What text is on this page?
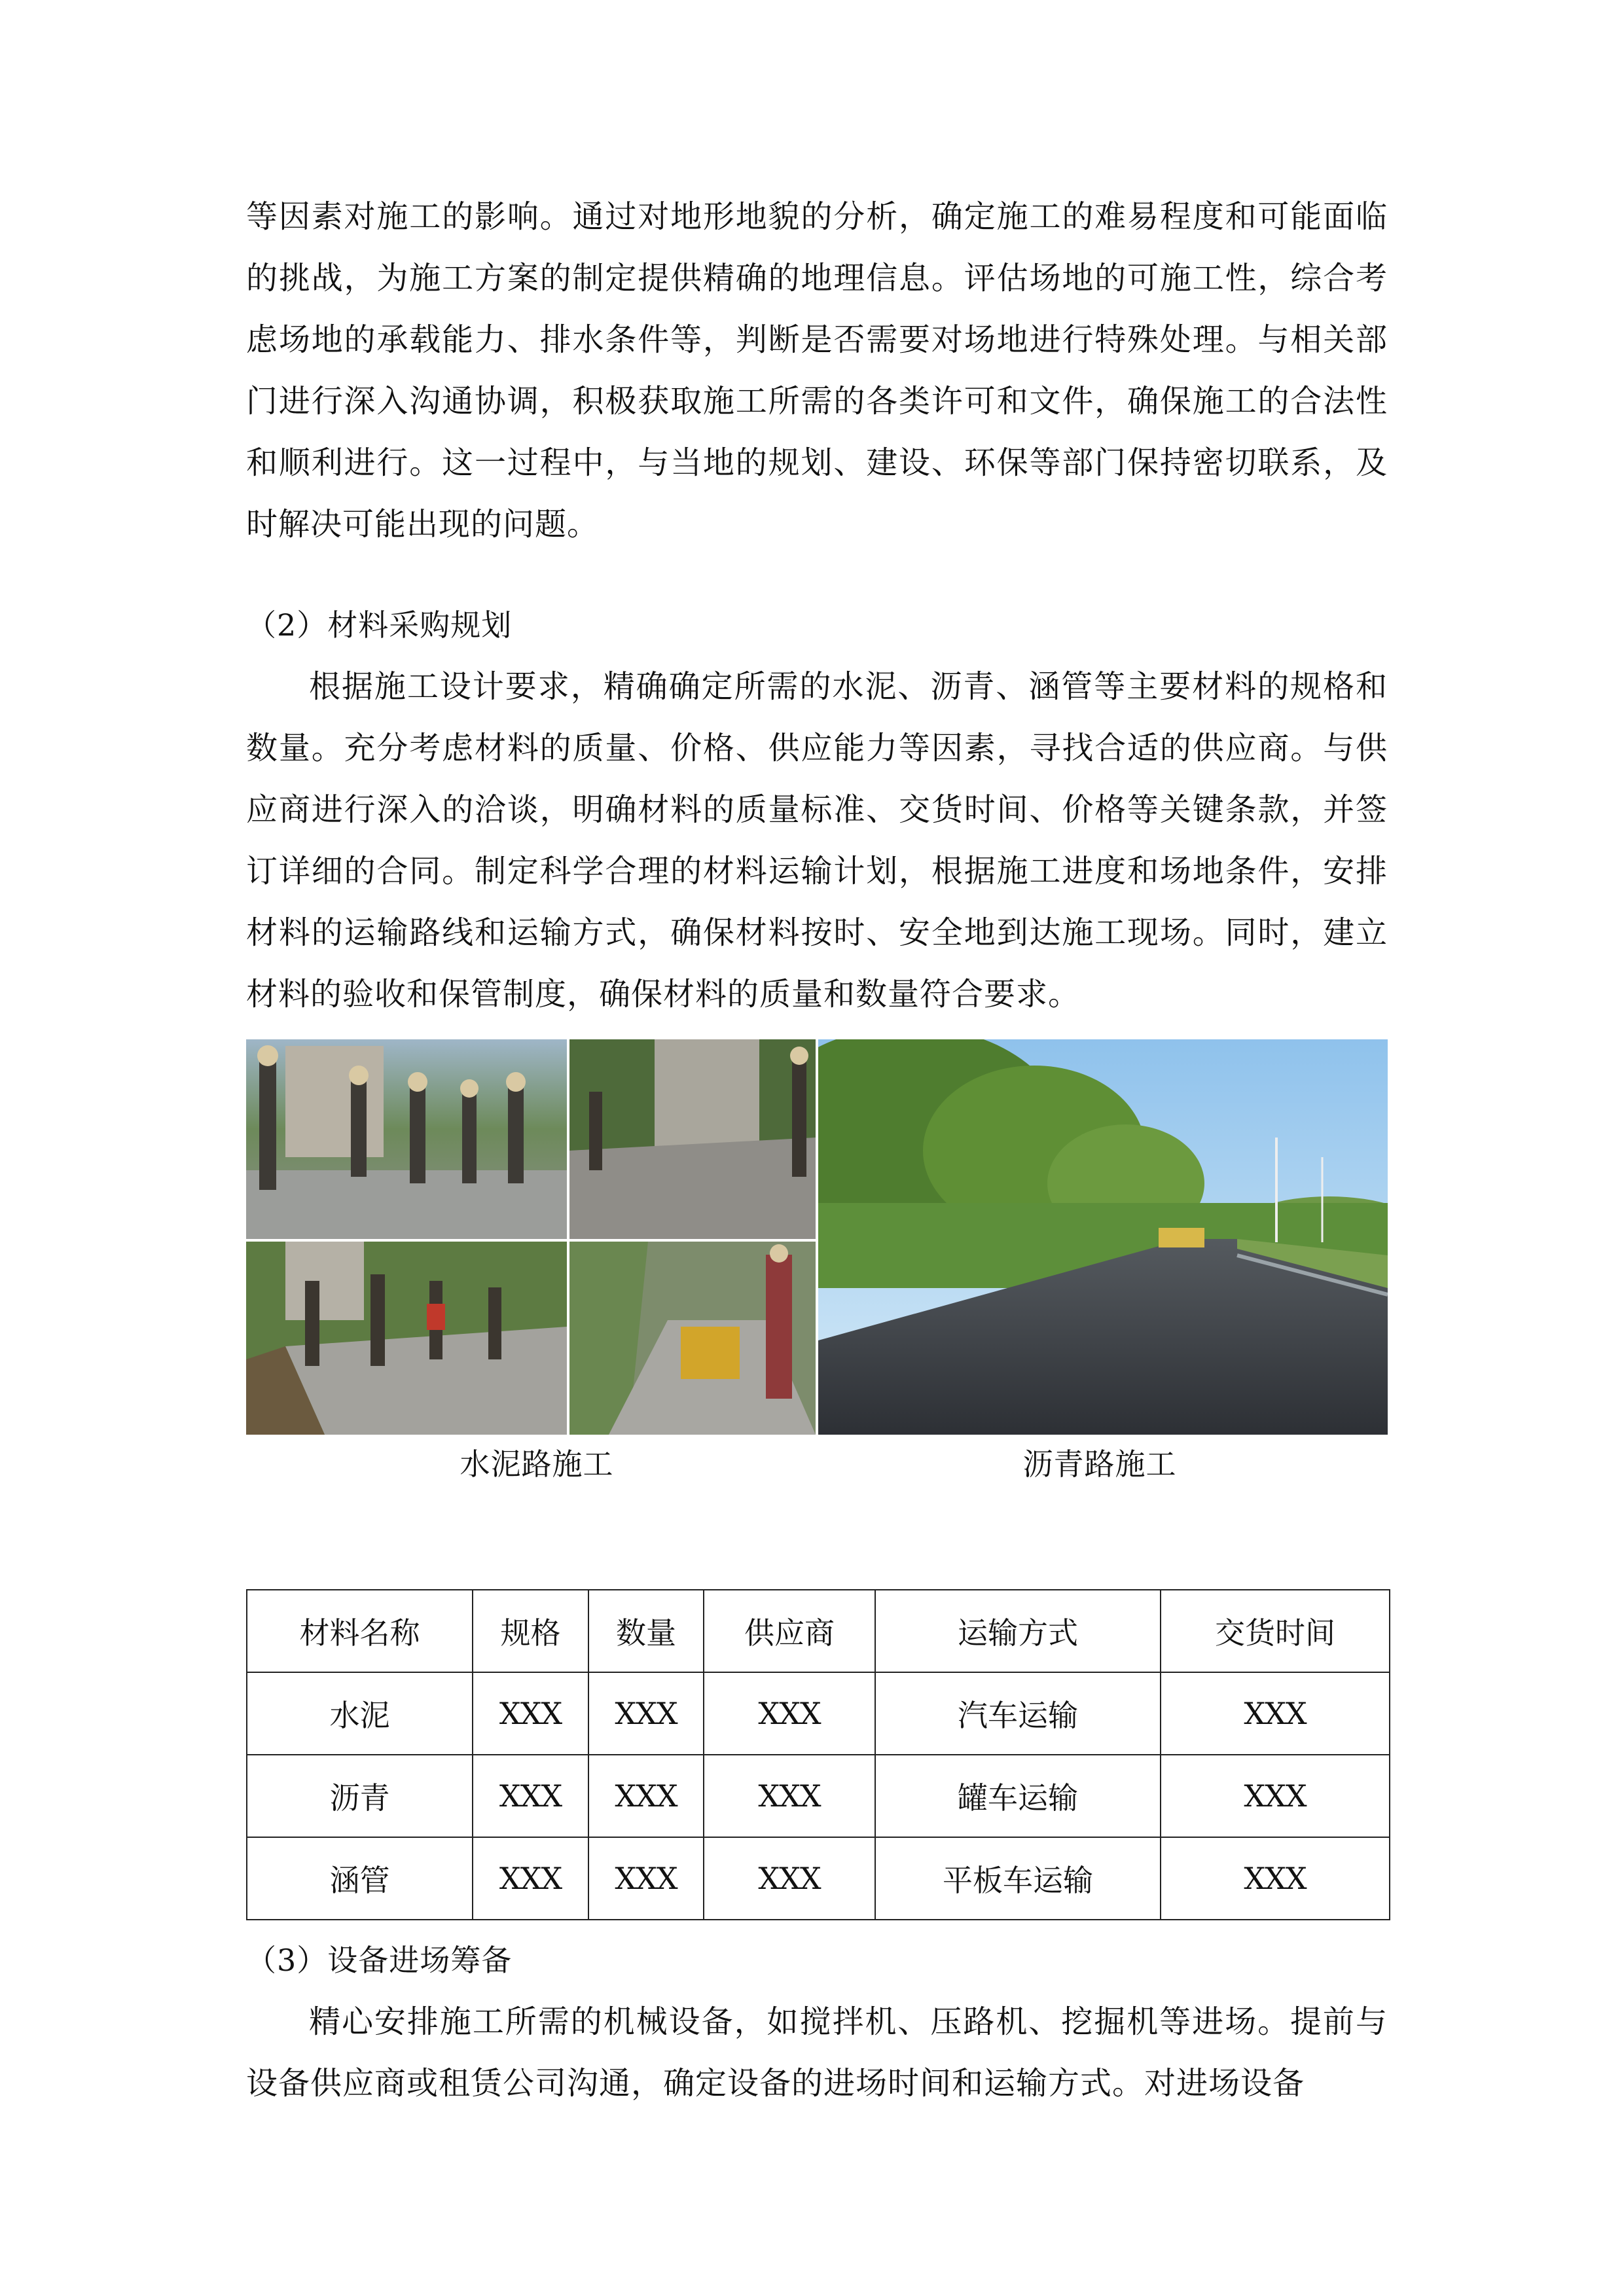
等因素对施工的影响。通过对地形地貌的分析，确定施工的难易程度和可能面临的挑战，为施工方案的制定提供精确的地理信息。评估场地的可施工性，综合考虑场地的承载能力、排水条件等，判断是否需要对场地进行特殊处理。与相关部门进行深入沟通协调，积极获取施工所需的各类许可和文件，确保施工的合法性和顺利进行。这一过程中，与当地的规划、建设、环保等部门保持密切联系，及时解决可能出现的问题。

（2）材料采购规划

根据施工设计要求，精确确定所需的水泥、沥青、涵管等主要材料的规格和数量。充分考虑材料的质量、价格、供应能力等因素，寻找合适的供应商。与供应商进行深入的洽谈，明确材料的质量标准、交货时间、价格等关键条款，并签订详细的合同。制定科学合理的材料运输计划，根据施工进度和场地条件，安排材料的运输路线和运输方式，确保材料按时、安全地到达施工现场。同时，建立材料的验收和保管制度，确保材料的质量和数量符合要求。

水泥路施工	沥青路施工
材料名称	规格	数量	供应商	运输方式	交货时间
水泥	XXX	XXX	XXX	汽车运输	XXX
沥青	XXX	XXX	XXX	罐车运输	XXX
涵管	XXX	XXX	XXX	平板车运输	XXX

（3）设备进场筹备

精心安排施工所需的机械设备，如搅拌机、压路机、挖掘机等进场。提前与设备供应商或租赁公司沟通，确定设备的进场时间和运输方式。对进场设备
